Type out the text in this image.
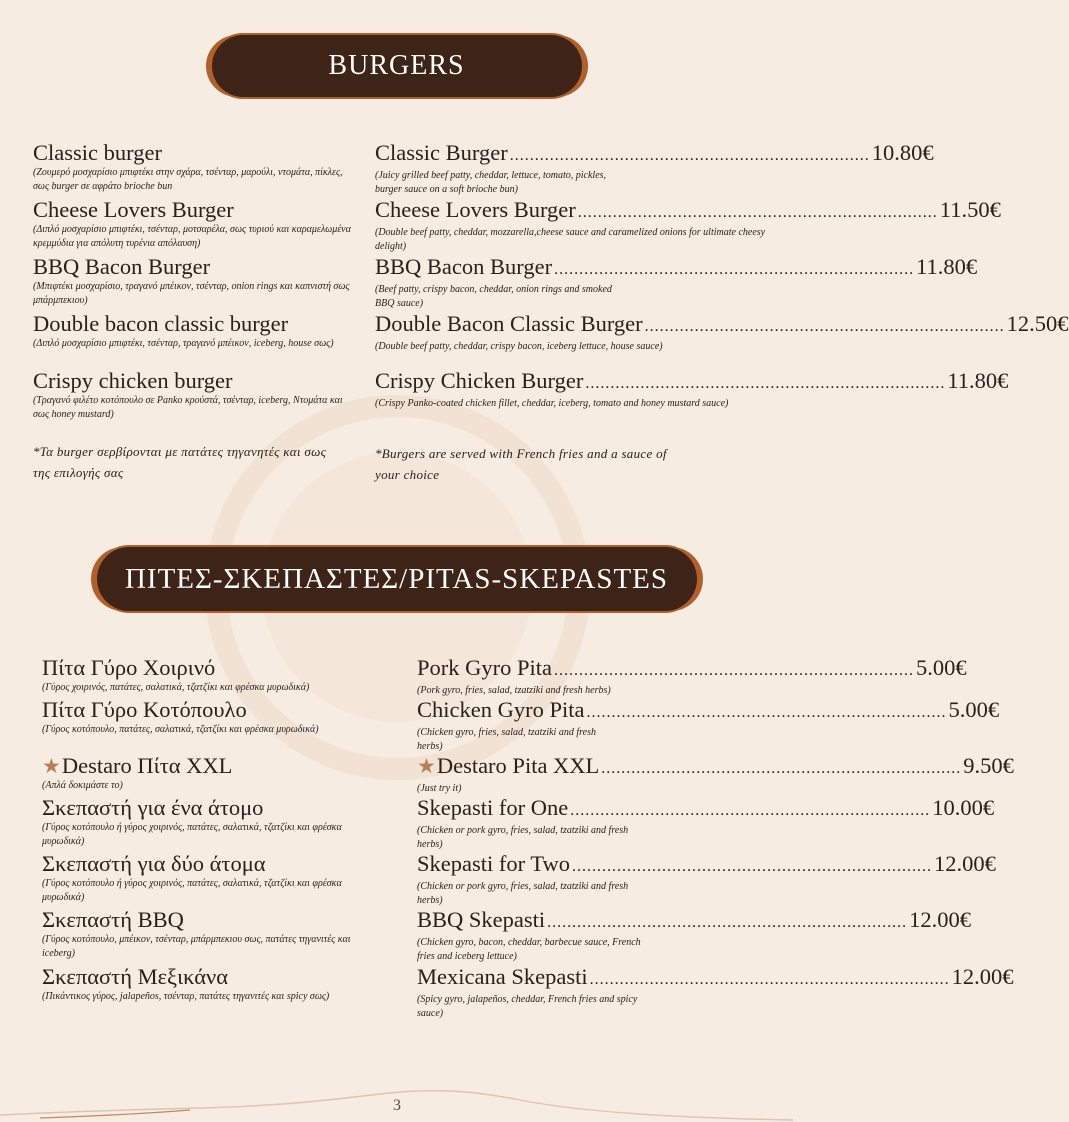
BURGERS
Classic burger
(Ζουμερό μοσχαρίσιο μπιφτέκι στην σχάρα, τσένταρ, μαρούλι, ντομάτα, πίκλες, σως burger σε αφράτο brioche bun
Cheese Lovers Burger
(Διπλό μοσχαρίσιο μπιφτέκι, τσένταρ, μοτσαρέλα, σως τυριού και καραμελωμένα κρεμμύδια για απόλυτη τυρένια απόλαυση)
BBQ Bacon Burger
(Μπιφτέκι μοσχαρίσιο, τραγανό μπέικον, τσένταρ, onion rings και καπνιστή σως μπάρμπεκιου)
Double bacon classic burger
(Διπλό μοσχαρίσιο μπιφτέκι, τσένταρ, τραγανό μπέικον, iceberg, house σως)
Crispy chicken burger
(Τραγανό φιλέτο κοτόπουλο σε Panko κρούστά, τσένταρ, iceberg, Ντομάτα και σως honey mustard)
Classic Burger ........................................................................ 10.80€
(Juicy grilled beef patty, cheddar, lettuce, tomato, pickles, burger sauce on a soft brioche bun)
Cheese Lovers Burger ........................................................................ 11.50€
(Double beef patty, cheddar, mozzarella,cheese sauce and caramelized onions for ultimate cheesy delight)
BBQ Bacon Burger ........................................................................ 11.80€
(Beef patty, crispy bacon, cheddar, onion rings and smoked BBQ sauce)
Double Bacon Classic Burger ........................................................................ 12.50€
(Double beef patty, cheddar, crispy bacon, iceberg lettuce, house sauce)
Crispy Chicken Burger ........................................................................ 11.80€
(Crispy Panko-coated chicken fillet, cheddar, iceberg, tomato and honey mustard sauce)
*Τα burger σερβίρονται με πατάτες τηγανητές και σως της επιλογής σας
*Burgers are served with French fries and a sauce of your choice
ΠΙΤΕΣ-ΣΚΕΠΑΣΤΕΣ/PITAS-SKEPASTES
Πίτα Γύρο Χοιρινό
(Γύρος χοιρινός, πατάτες, σαλατικά, τζατζίκι και φρέσκα μυρωδικά)
Πίτα Γύρο Κοτόπουλο
(Γύρος κοτόπουλο, πατάτες, σαλατικά, τζατζίκι και φρέσκα μυρωδικά)
★ Destaro Πίτα XXL
(Απλά δοκιμάστε το)
Σκεπαστή για ένα άτομο
(Γύρος κοτόπουλο ή γύρος χοιρινός, πατάτες, σαλατικά, τζατζίκι και φρέσκα μυρωδικά)
Σκεπαστή για δύο άτομα
(Γύρος κοτόπουλο ή γύρος χοιρινός, πατάτες, σαλατικά, τζατζίκι και φρέσκα μυρωδικά)
Σκεπαστή BBQ
(Γύρος κοτόπουλο, μπέικον, τσένταρ, μπάρμπεκιου σως, πατάτες τηγανιτές και iceberg)
Σκεπαστή Μεξικάνα
(Πικάντικος γύρος, jalapeños, τσένταρ, πατάτες τηγανιτές και spicy σως)
Pork Gyro Pita ........................................................................ 5.00€
(Pork gyro, fries, salad, tzatziki and fresh herbs)
Chicken Gyro Pita ........................................................................ 5.00€
(Chicken gyro, fries, salad, tzatziki and fresh herbs)
★ Destaro Pita XXL ........................................................................ 9.50€
(Just try it)
Skepasti for One ........................................................................ 10.00€
(Chicken or pork gyro, fries, salad, tzatziki and fresh herbs)
Skepasti for Two ........................................................................ 12.00€
(Chicken or pork gyro, fries, salad, tzatziki and fresh herbs)
BBQ Skepasti ........................................................................ 12.00€
(Chicken gyro, bacon, cheddar, barbecue sauce, French fries and iceberg lettuce)
Mexicana Skepasti ........................................................................ 12.00€
(Spicy gyro, jalapeños, cheddar, French fries and spicy sauce)
3
